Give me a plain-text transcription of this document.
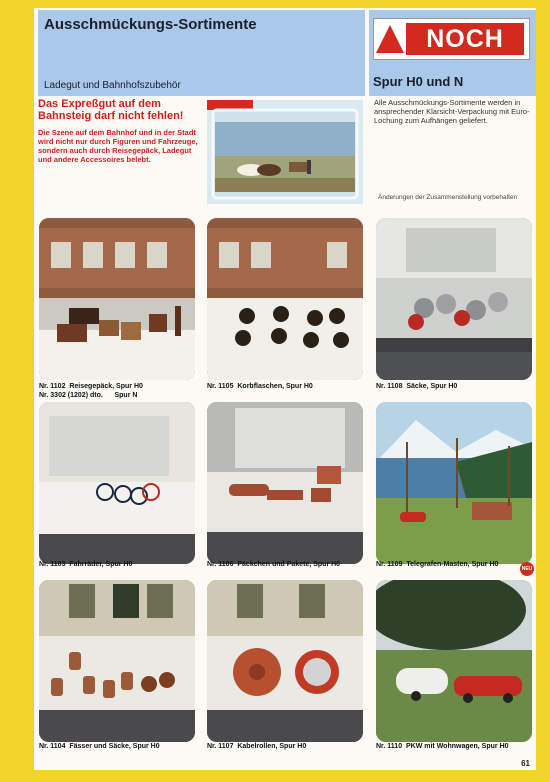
Ausschmückungs-Sortimente
Ladegut und Bahnhofszubehör
NOCH
Spur H0 und N
Das Expreßgut auf dem Bahnsteig darf nicht fehlen!
Die Szene auf dem Bahnhof und in der Stadt wird nicht nur durch Figuren und Fahrzeuge, sondern auch durch Reisegepäck, Ladegut und andere Accessoires belebt.
Alle Ausschmückungs-Sortimente werden in ansprechender Klarsicht-Verpackung mit Euro-Lochung zum Aufhängen geliefert.
Änderungen der Zusammenstellung vorbehalten
Nr. 1102  Reisegepäck, Spur H0
Nr. 3302 (1202) dto.      Spur N
Nr. 1105  Korbflaschen, Spur H0	Nr. 1108  Säcke, Spur H0
Nr. 1103  Fahrräder, Spur H0	Nr. 1106  Päckchen und Pakete, Spur H0	Nr. 1109  Telegrafen-Masten, Spur H0
NEU
Nr. 1104  Fässer und Säcke, Spur H0	Nr. 1107  Kabelrollen, Spur H0	Nr. 1110  PKW mit Wohnwagen, Spur H0
61
